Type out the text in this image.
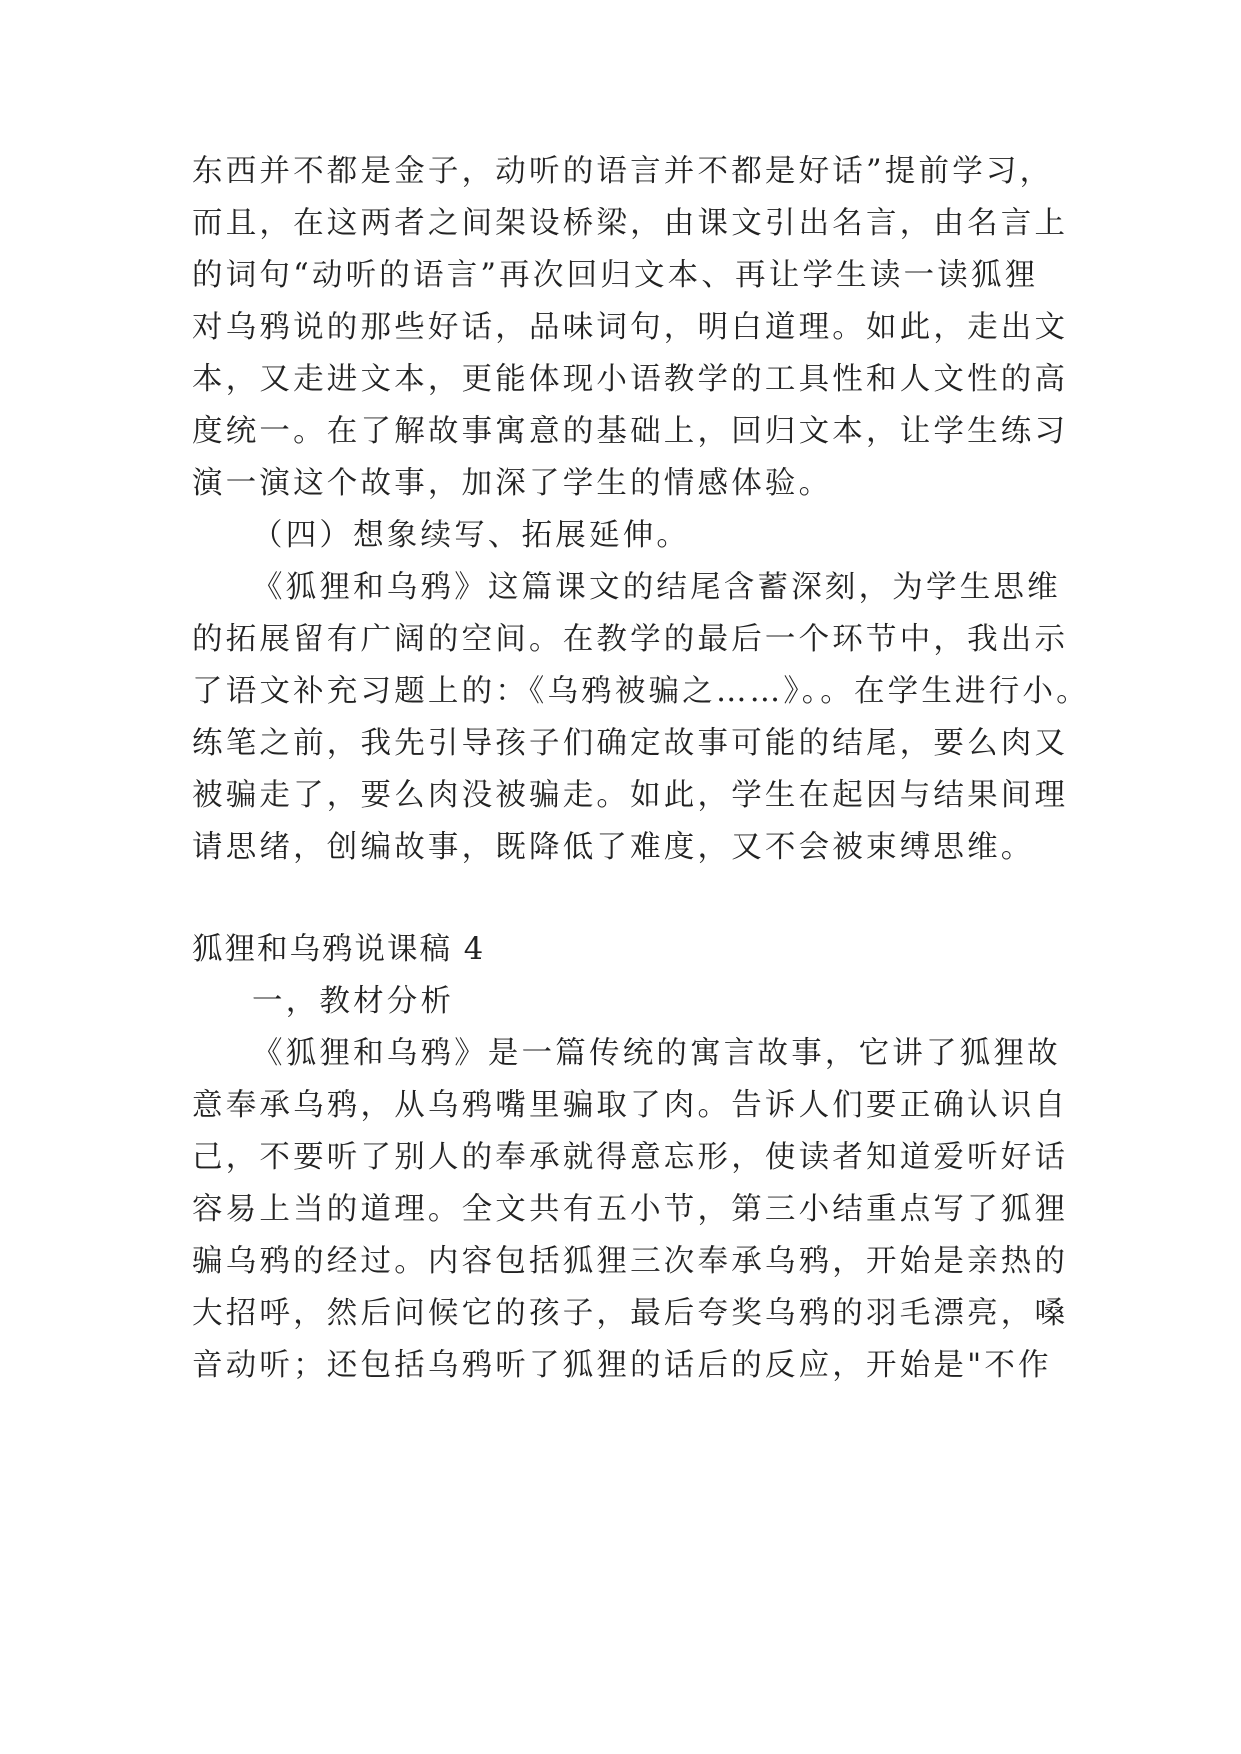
东西并不都是金子，动听的语言并不都是好话”提前学习，
而且，在这两者之间架设桥梁，由课文引出名言，由名言上
的词句“动听的语言”再次回归文本、再让学生读一读狐狸
对乌鸦说的那些好话，品味词句，明白道理。如此，走出文
本，又走进文本，更能体现小语教学的工具性和人文性的高
度统一。在了解故事寓意的基础上，回归文本，让学生练习
演一演这个故事，加深了学生的情感体验。
（四）想象续写、拓展延伸。
《狐狸和乌鸦》这篇课文的结尾含蓄深刻，为学生思维
的拓展留有广阔的空间。在教学的最后一个环节中，我出示
了语文补充习题上的：《乌鸦被骗之……》。。在学生进行小。
练笔之前，我先引导孩子们确定故事可能的结尾，要么肉又
被骗走了，要么肉没被骗走。如此，学生在起因与结果间理
请思绪，创编故事，既降低了难度，又不会被束缚思维。
狐狸和乌鸦说课稿 4
一，教材分析
《狐狸和乌鸦》是一篇传统的寓言故事，它讲了狐狸故
意奉承乌鸦，从乌鸦嘴里骗取了肉。告诉人们要正确认识自
己，不要听了别人的奉承就得意忘形，使读者知道爱听好话
容易上当的道理。全文共有五小节，第三小结重点写了狐狸
骗乌鸦的经过。内容包括狐狸三次奉承乌鸦，开始是亲热的
大招呼，然后问候它的孩子，最后夸奖乌鸦的羽毛漂亮，嗓
音动听；还包括乌鸦听了狐狸的话后的反应，开始是"不作
